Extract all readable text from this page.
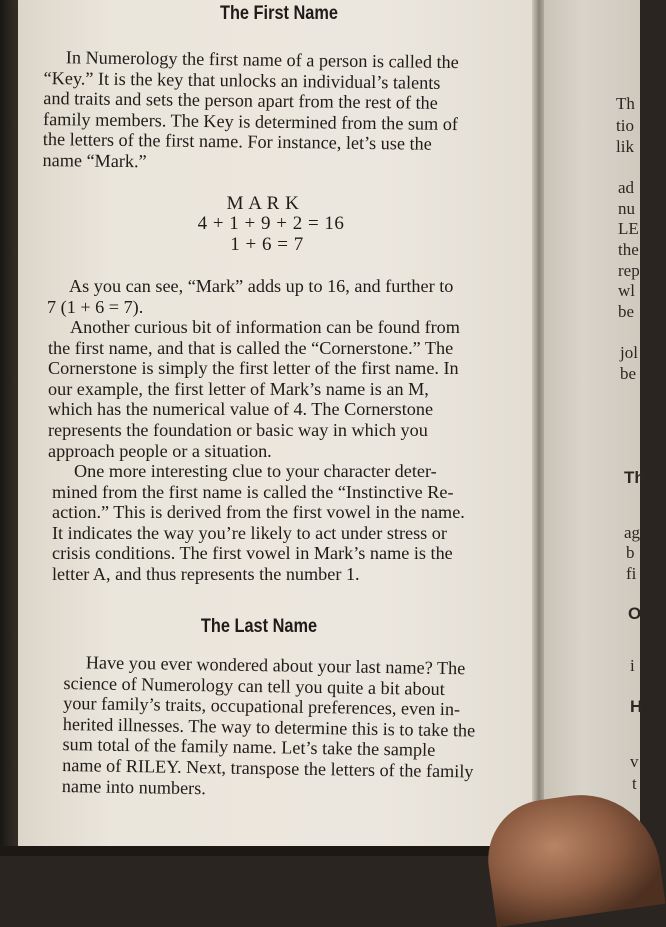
The First Name
In Numerology the first name of a person is called the
“Key.” It is the key that unlocks an individual’s talents
and traits and sets the person apart from the rest of the
family members. The Key is determined from the sum of
the letters of the first name. For instance, let’s use the
name “Mark.”
M A R K
4 + 1 + 9 + 2 = 16
1 + 6 = 7
As you can see, “Mark” adds up to 16, and further to
7 (1 + 6 = 7).
Another curious bit of information can be found from
the first name, and that is called the “Cornerstone.” The
Cornerstone is simply the first letter of the first name. In
our example, the first letter of Mark’s name is an M,
which has the numerical value of 4. The Cornerstone
represents the foundation or basic way in which you
approach people or a situation.
One more interesting clue to your character deter-
mined from the first name is called the “Instinctive Re-
action.” This is derived from the first vowel in the name.
It indicates the way you’re likely to act under stress or
crisis conditions. The first vowel in Mark’s name is the
letter A, and thus represents the number 1.
The Last Name
Have you ever wondered about your last name? The
science of Numerology can tell you quite a bit about
your family’s traits, occupational preferences, even in-
herited illnesses. The way to determine this is to take the
sum total of the family name. Let’s take the sample
name of RILEY. Next, transpose the letters of the family
name into numbers.
Th
tio
lik
ad
nu
LE
the
rep
wl
be
jol
be
Th
ag
b
fi
O
i
H
v
t
